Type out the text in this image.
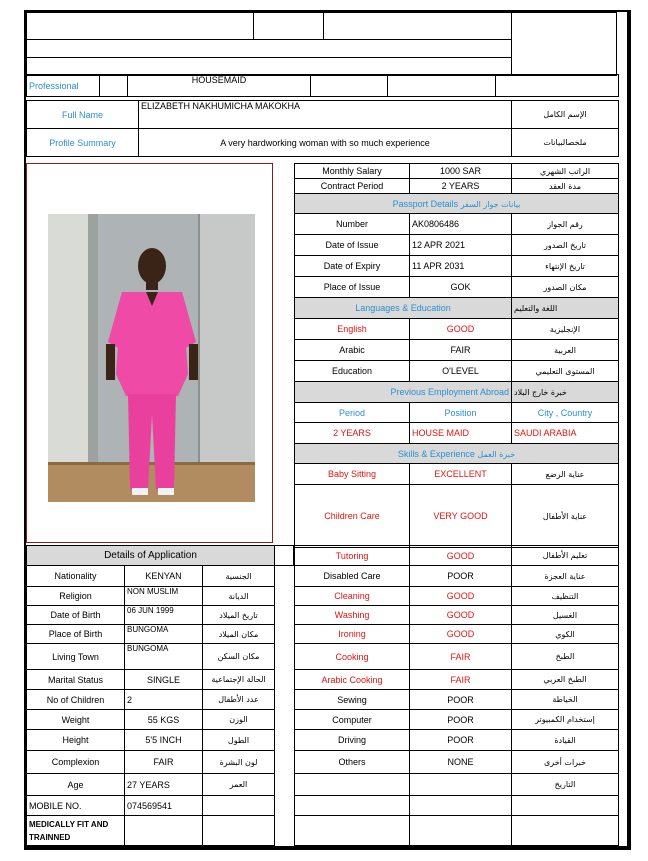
Professional		HOUSEMAID			
Full Name	ELIZABETH NAKHUMICHA MAKOKHA	الإسم الكامل
Profile Summary	A very hardworking woman with so much experience	ملخصالبيانات
Monthly Salary	1000 SAR	الراتب الشهري
Contract Period	2 YEARS	مدة العقد
Passport Details بيانات جواز السفر		
Number	AK0806486	رقم الجواز
Date of Issue	12 APR 2021	تاريخ الصدور
Date of Expiry	11 APR 2031	تاريخ الإنتهاء
Place of Issue	GOK	مكان الصدور
Languages & Education		اللغة والتعليم
English	GOOD	الإنجليزية
Arabic	FAIR	العربية
Education	O'LEVEL	المستوى التعليمي
Previous Employment Abroad		خبرة خارج البلاد
Period	Position	City , Country
2 YEARS	HOUSE MAID	SAUDI ARABIA
Skills & Experience خبرة العمل		
Baby Sitting	EXCELLENT	عناية الرضع
Children Care	VERY GOOD	عناية الأطفال
Details of Application		
Nationality	KENYAN	الجنسية
Religion	NON MUSLIM	الديانة
Date of Birth	06 JUN 1999	تاريخ الميلاد
Place of Birth	BUNGOMA	مكان الميلاد
Living Town	BUNGOMA	مكان السكن
Marital Status	SINGLE	الحالة الإجتماعية
No of Children	2	عدد الأطفال
Weight	55 KGS	الوزن
Height	5'5 INCH	الطول
Complexion	FAIR	لون البشرة
Age	27 YEARS	العمر
MOBILE NO.	074569541	
MEDICALLY FIT AND TRAINNED		
Tutoring	GOOD	تعليم الأطفال
Disabled Care	POOR	عناية العجزة
Cleaning	GOOD	التنظيف
Washing	GOOD	الغسيل
Ironing	GOOD	الكوي
Cooking	FAIR	الطبخ
Arabic Cooking	FAIR	الطبخ العربي
Sewing	POOR	الخياطة
Computer	POOR	إستخدام الكمبيوتر
Driving	POOR	القيادة
Others	NONE	خبرات أخرى
		التاريخ
